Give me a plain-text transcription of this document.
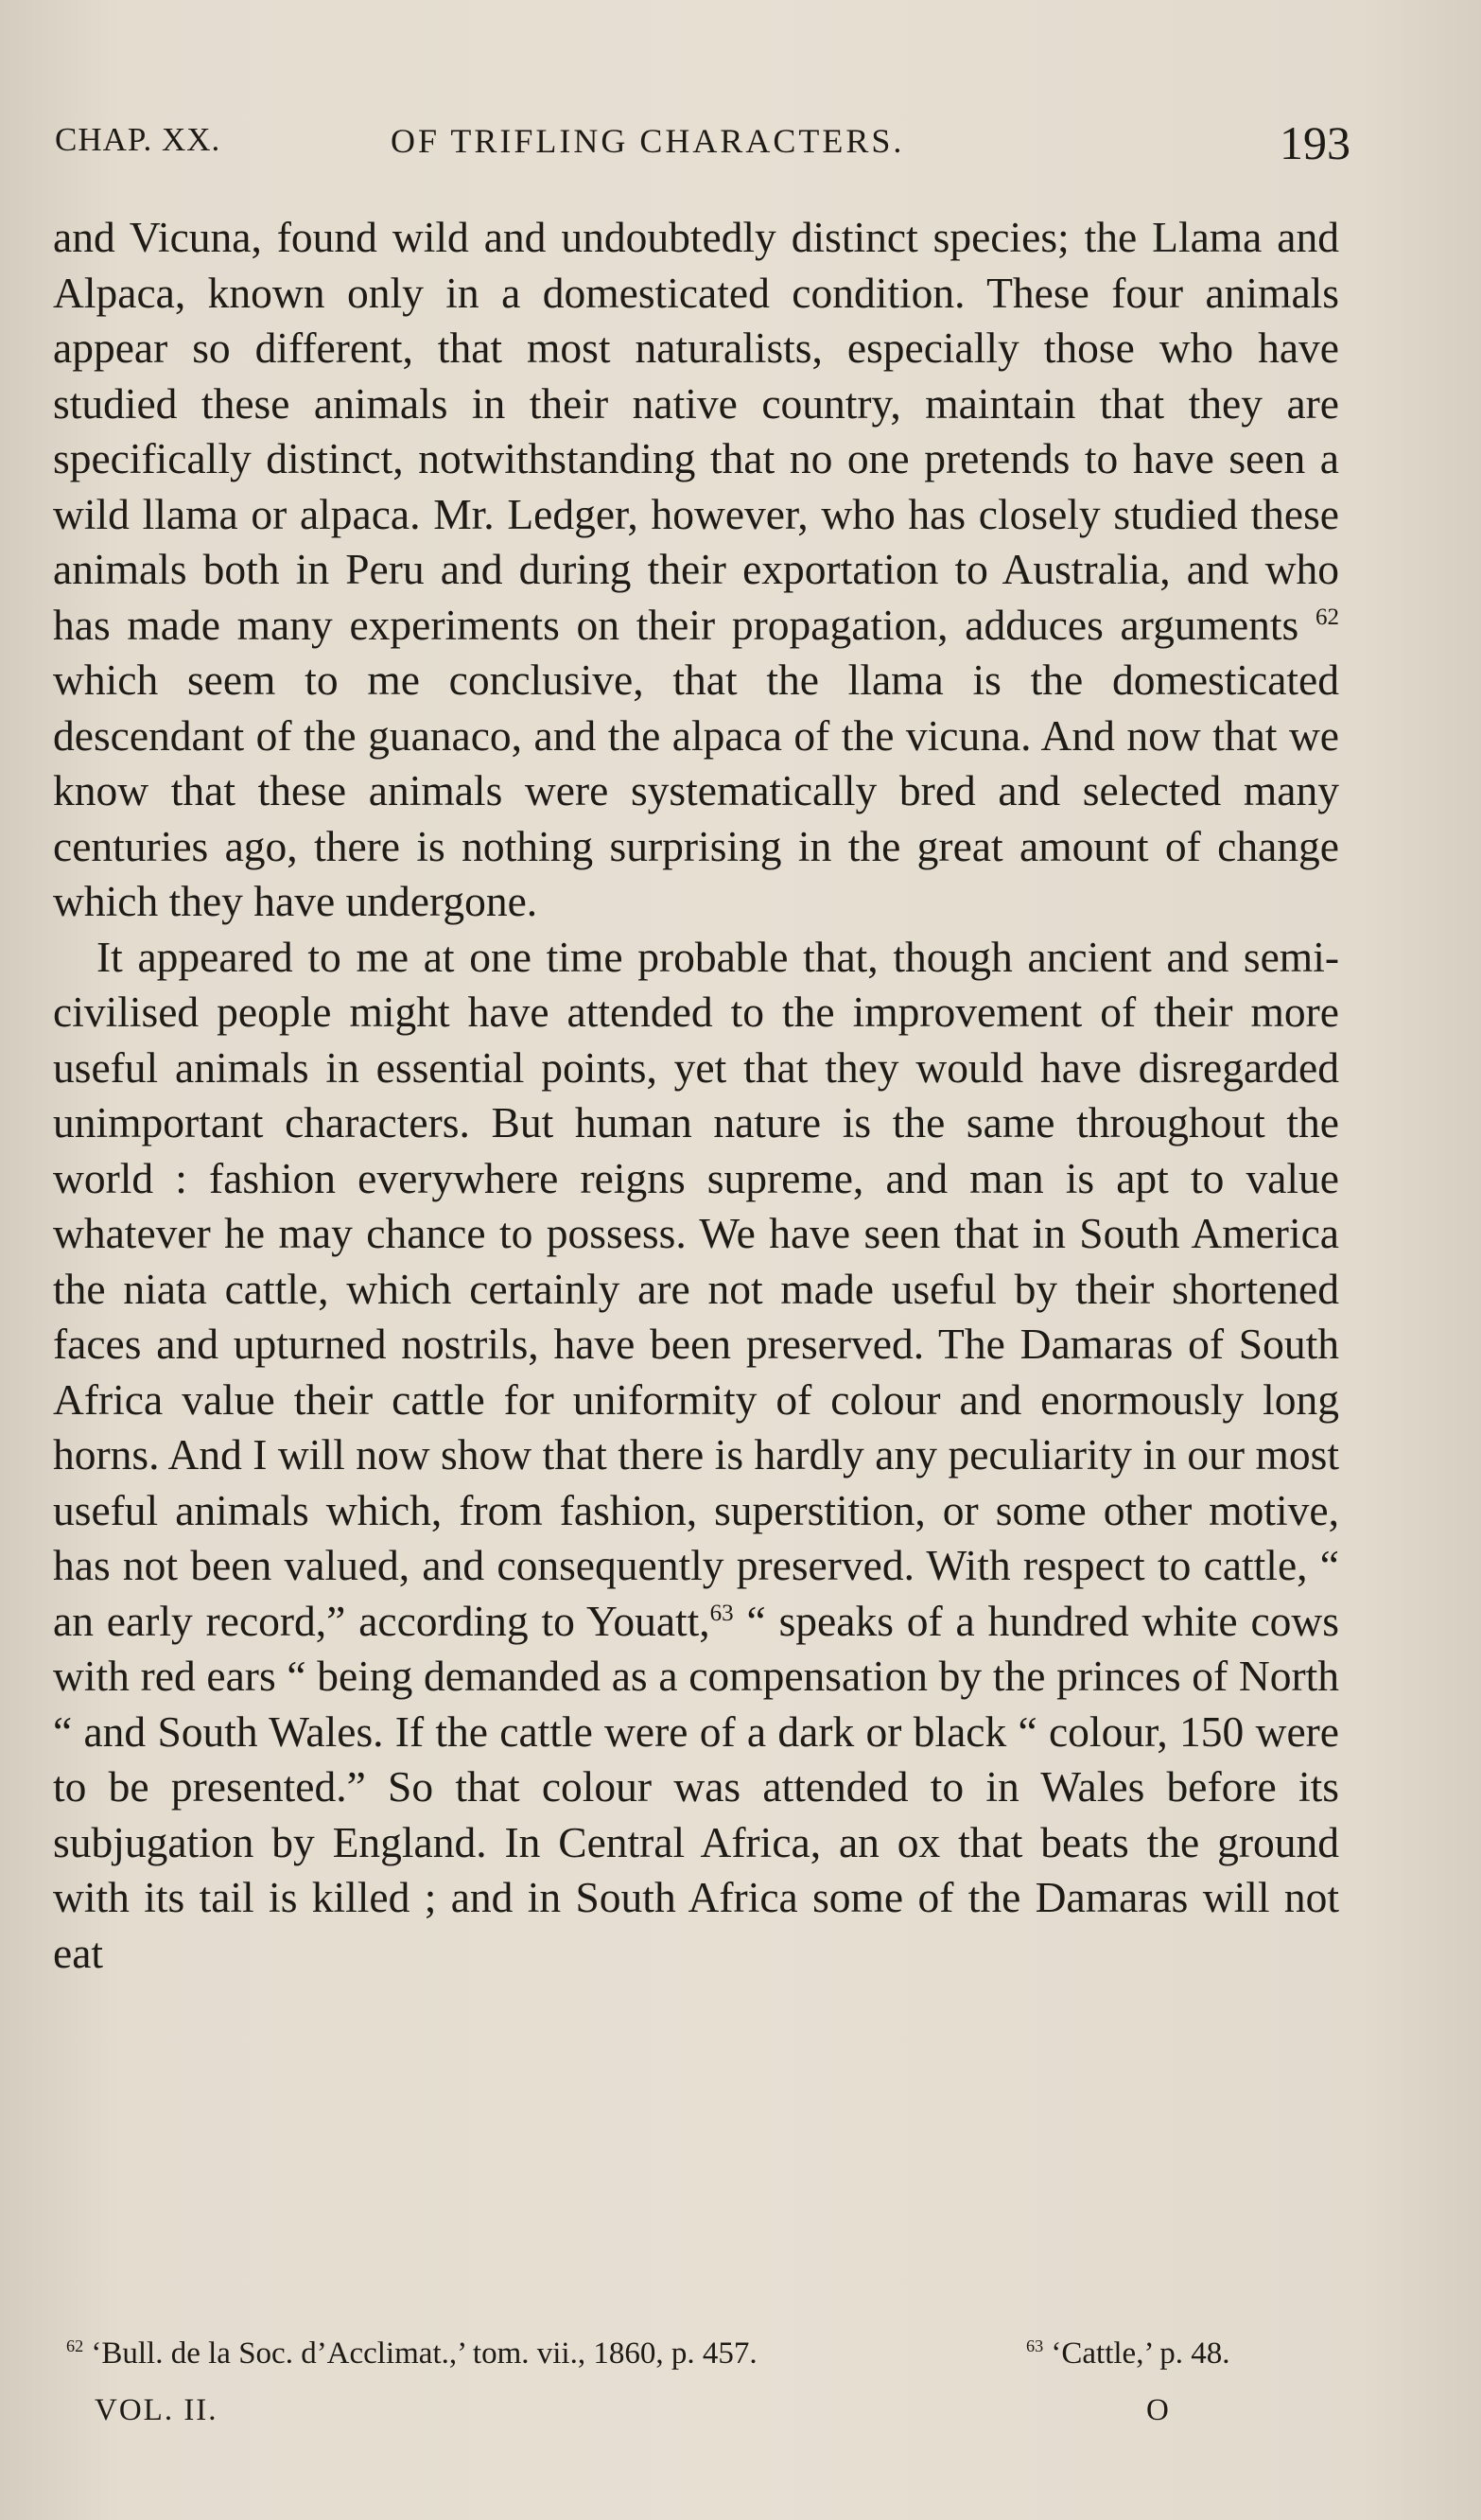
CHAP. XX.	OF TRIFLING CHARACTERS.	193

and Vicuna, found wild and undoubtedly distinct species; the Llama and Alpaca, known only in a domesticated condition. These four animals appear so different, that most naturalists, especially those who have studied these animals in their native country, maintain that they are specifically distinct, notwithstanding that no one pretends to have seen a wild llama or alpaca. Mr. Ledger, however, who has closely studied these animals both in Peru and during their exportation to Australia, and who has made many experiments on their propagation, adduces arguments $^{62}$ which seem to me conclusive, that the llama is the domesticated descendant of the guanaco, and the alpaca of the vicuna. And now that we know that these animals were systematically bred and selected many centuries ago, there is nothing surprising in the great amount of change which they have undergone.

It appeared to me at one time probable that, though ancient and semi-civilised people might have attended to the improvement of their more useful animals in essential points, yet that they would have disregarded unimportant characters. But human nature is the same throughout the world : fashion everywhere reigns supreme, and man is apt to value whatever he may chance to possess. We have seen that in South America the niata cattle, which certainly are not made useful by their shortened faces and upturned nostrils, have been preserved. The Damaras of South Africa value their cattle for uniformity of colour and enormously long horns. And I will now show that there is hardly any peculiarity in our most useful animals which, from fashion, superstition, or some other motive, has not been valued, and consequently preserved. With respect to cattle, “ an early record,” according to Youatt,$^{63}$ “ speaks of a hundred white cows with red ears “ being demanded as a compensation by the princes of North “ and South Wales. If the cattle were of a dark or black “ colour, 150 were to be presented.” So that colour was attended to in Wales before its subjugation by England. In Central Africa, an ox that beats the ground with its tail is killed ; and in South Africa some of the Damaras will not eat

$^{62}$ ‘Bull. de la Soc. d’Acclimat.,’ tom. vii., 1860, p. 457.	$^{63}$ ‘Cattle,’ p. 48.
VOL. II.	O
